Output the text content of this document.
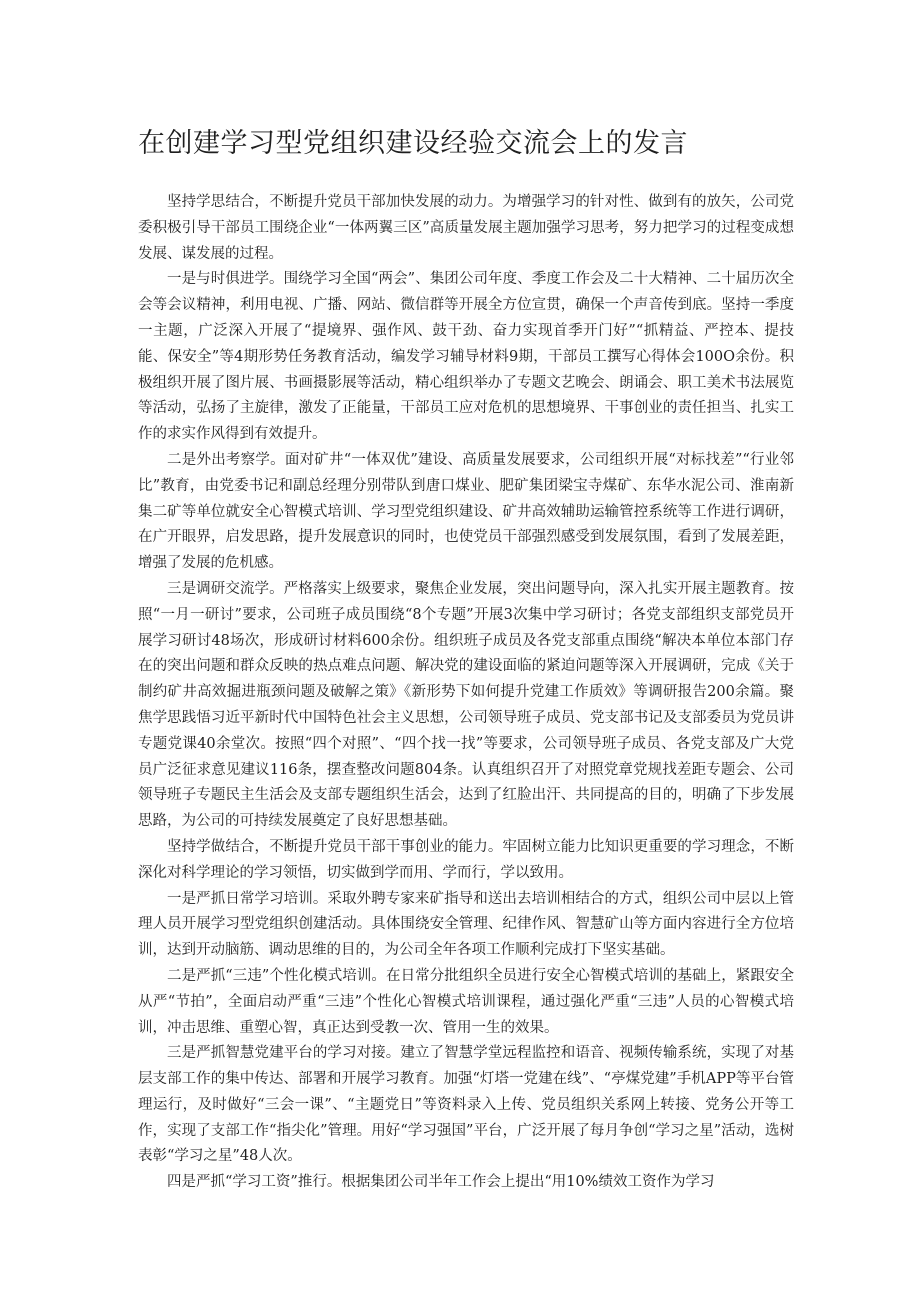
在创建学习型党组织建设经验交流会上的发言

坚持学思结合，不断提升党员干部加快发展的动力。为增强学习的针对性、做到有的放矢，公司党委积极引导干部员工围绕企业“一体两翼三区”高质量发展主题加强学习思考，努力把学习的过程变成想发展、谋发展的过程。

一是与时俱进学。围绕学习全国“两会”、集团公司年度、季度工作会及二十大精神、二十届历次全会等会议精神，利用电视、广播、网站、微信群等开展全方位宣贯，确保一个声音传到底。坚持一季度一主题，广泛深入开展了“提境界、强作风、鼓干劲、奋力实现首季开门好”“抓精益、严控本、提技能、保安全”等4期形势任务教育活动，编发学习辅导材料9期，干部员工撰写心得体会100O余份。积极组织开展了图片展、书画摄影展等活动，精心组织举办了专题文艺晚会、朗诵会、职工美术书法展览等活动，弘扬了主旋律，激发了正能量，干部员工应对危机的思想境界、干事创业的责任担当、扎实工作的求实作风得到有效提升。

二是外出考察学。面对矿井“一体双优”建设、高质量发展要求，公司组织开展“对标找差”“行业邻比”教育，由党委书记和副总经理分别带队到唐口煤业、肥矿集团梁宝寺煤矿、东华水泥公司、淮南新集二矿等单位就安全心智模式培训、学习型党组织建设、矿井高效辅助运输管控系统等工作进行调研，在广开眼界，启发思路，提升发展意识的同时，也使党员干部强烈感受到发展氛围，看到了发展差距，增强了发展的危机感。

三是调研交流学。严格落实上级要求，聚焦企业发展，突出问题导向，深入扎实开展主题教育。按照“一月一研讨”要求，公司班子成员围绕“8个专题”开展3次集中学习研讨；各党支部组织支部党员开展学习研讨48场次，形成研讨材料600余份。组织班子成员及各党支部重点围绕“解决本单位本部门存在的突出问题和群众反映的热点难点问题、解决党的建设面临的紧迫问题等深入开展调研，完成《关于制约矿井高效掘进瓶颈问题及破解之策》《新形势下如何提升党建工作质效》等调研报告200余篇。聚焦学思践悟习近平新时代中国特色社会主义思想，公司领导班子成员、党支部书记及支部委员为党员讲专题党课40余堂次。按照“四个对照”、“四个找一找”等要求，公司领导班子成员、各党支部及广大党员广泛征求意见建议116条，摆查整改问题804条。认真组织召开了对照党章党规找差距专题会、公司领导班子专题民主生活会及支部专题组织生活会，达到了红脸出汗、共同提高的目的，明确了下步发展思路，为公司的可持续发展奠定了良好思想基础。

坚持学做结合，不断提升党员干部干事创业的能力。牢固树立能力比知识更重要的学习理念，不断深化对科学理论的学习领悟，切实做到学而用、学而行，学以致用。

一是严抓日常学习培训。采取外聘专家来矿指导和送出去培训相结合的方式，组织公司中层以上管理人员开展学习型党组织创建活动。具体围绕安全管理、纪律作风、智慧矿山等方面内容进行全方位培训，达到开动脑筋、调动思维的目的，为公司全年各项工作顺利完成打下坚实基础。

二是严抓“三违”个性化模式培训。在日常分批组织全员进行安全心智模式培训的基础上，紧跟安全从严“节拍”，全面启动严重“三违”个性化心智模式培训课程，通过强化严重“三违”人员的心智模式培训，冲击思维、重塑心智，真正达到受教一次、管用一生的效果。

三是严抓智慧党建平台的学习对接。建立了智慧学堂远程监控和语音、视频传输系统，实现了对基层支部工作的集中传达、部署和开展学习教育。加强“灯塔一党建在线”、“亭煤党建”手机APP等平台管理运行，及时做好“三会一课”、“主题党日”等资料录入上传、党员组织关系网上转接、党务公开等工作，实现了支部工作“指尖化”管理。用好“学习强国”平台，广泛开展了每月争创“学习之星”活动，选树表彰“学习之星”48人次。

四是严抓“学习工资”推行。根据集团公司半年工作会上提出“用10%绩效工资作为学习
